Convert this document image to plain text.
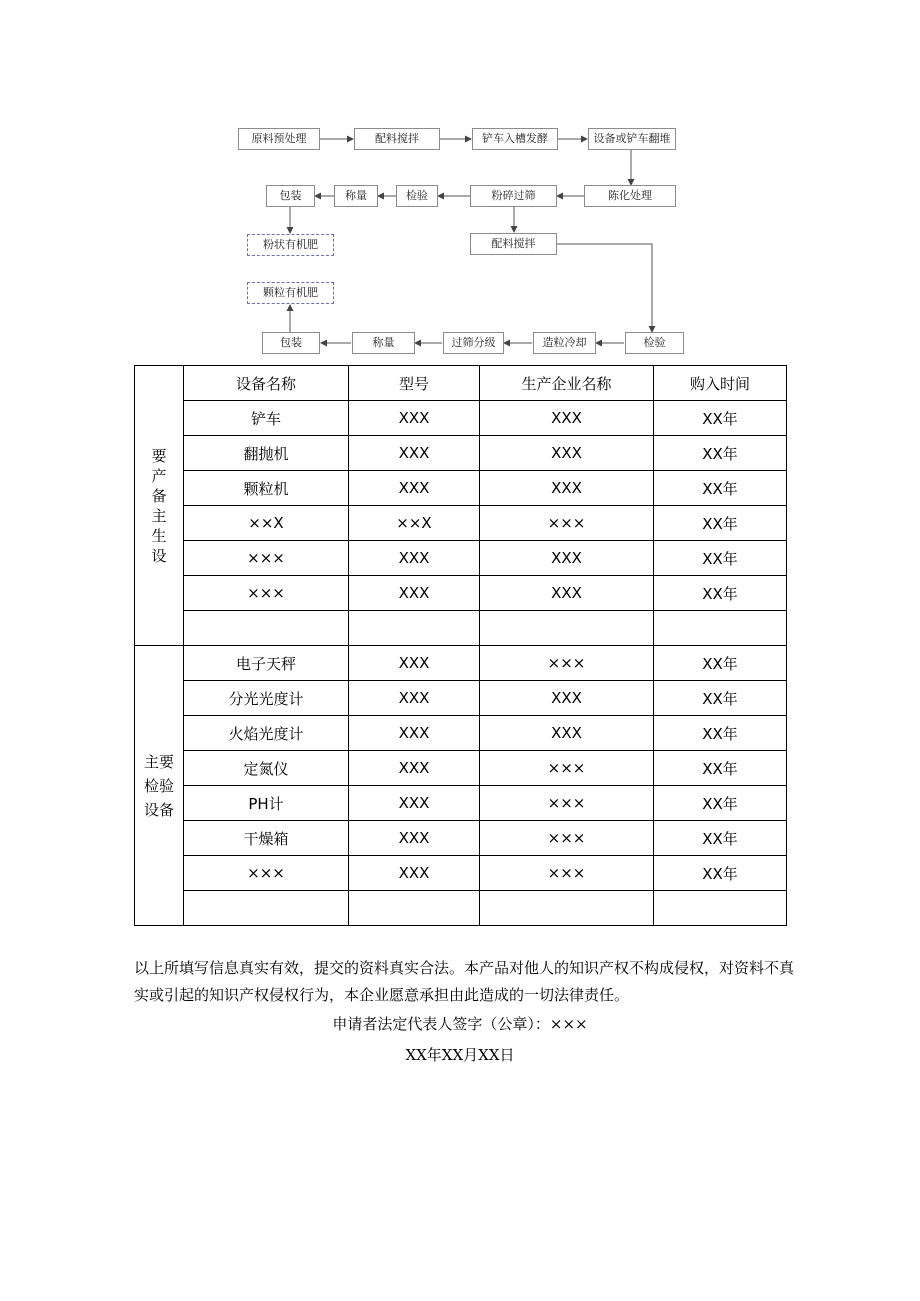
原料预处理	配料搅拌	铲车入槽发酵	设备或铲车翻堆
包装	称量	检验	粉碎过筛	陈化处理
粉状有机肥	配料搅拌
颗粒有机肥
包装	称量	过筛分级	造粒冷却	检验
要产备主生设	设备名称	型号	生产企业名称	购入时间
	铲车	XXX	XXX	XX年
	翻抛机	XXX	XXX	XX年
	颗粒机	XXX	XXX	XX年
	××X	××X	×××	XX年
	×××	XXX	XXX	XX年
	×××	XXX	XXX	XX年

主要
检验
设备	电子天秤	XXX	×××	XX年
	分光光度计	XXX	XXX	XX年
	火焰光度计	XXX	XXX	XX年
	定氮仪	XXX	×××	XX年
	PH计	XXX	×××	XX年
	干燥箱	XXX	×××	XX年
	×××	XXX	×××	XX年

以上所填写信息真实有效，提交的资料真实合法。本产品对他人的知识产权不构成侵权，对资料不真实或引起的知识产权侵权行为，本企业愿意承担由此造成的一切法律责任。

申请者法定代表人签字（公章）：×××
XX年XX月XX日
